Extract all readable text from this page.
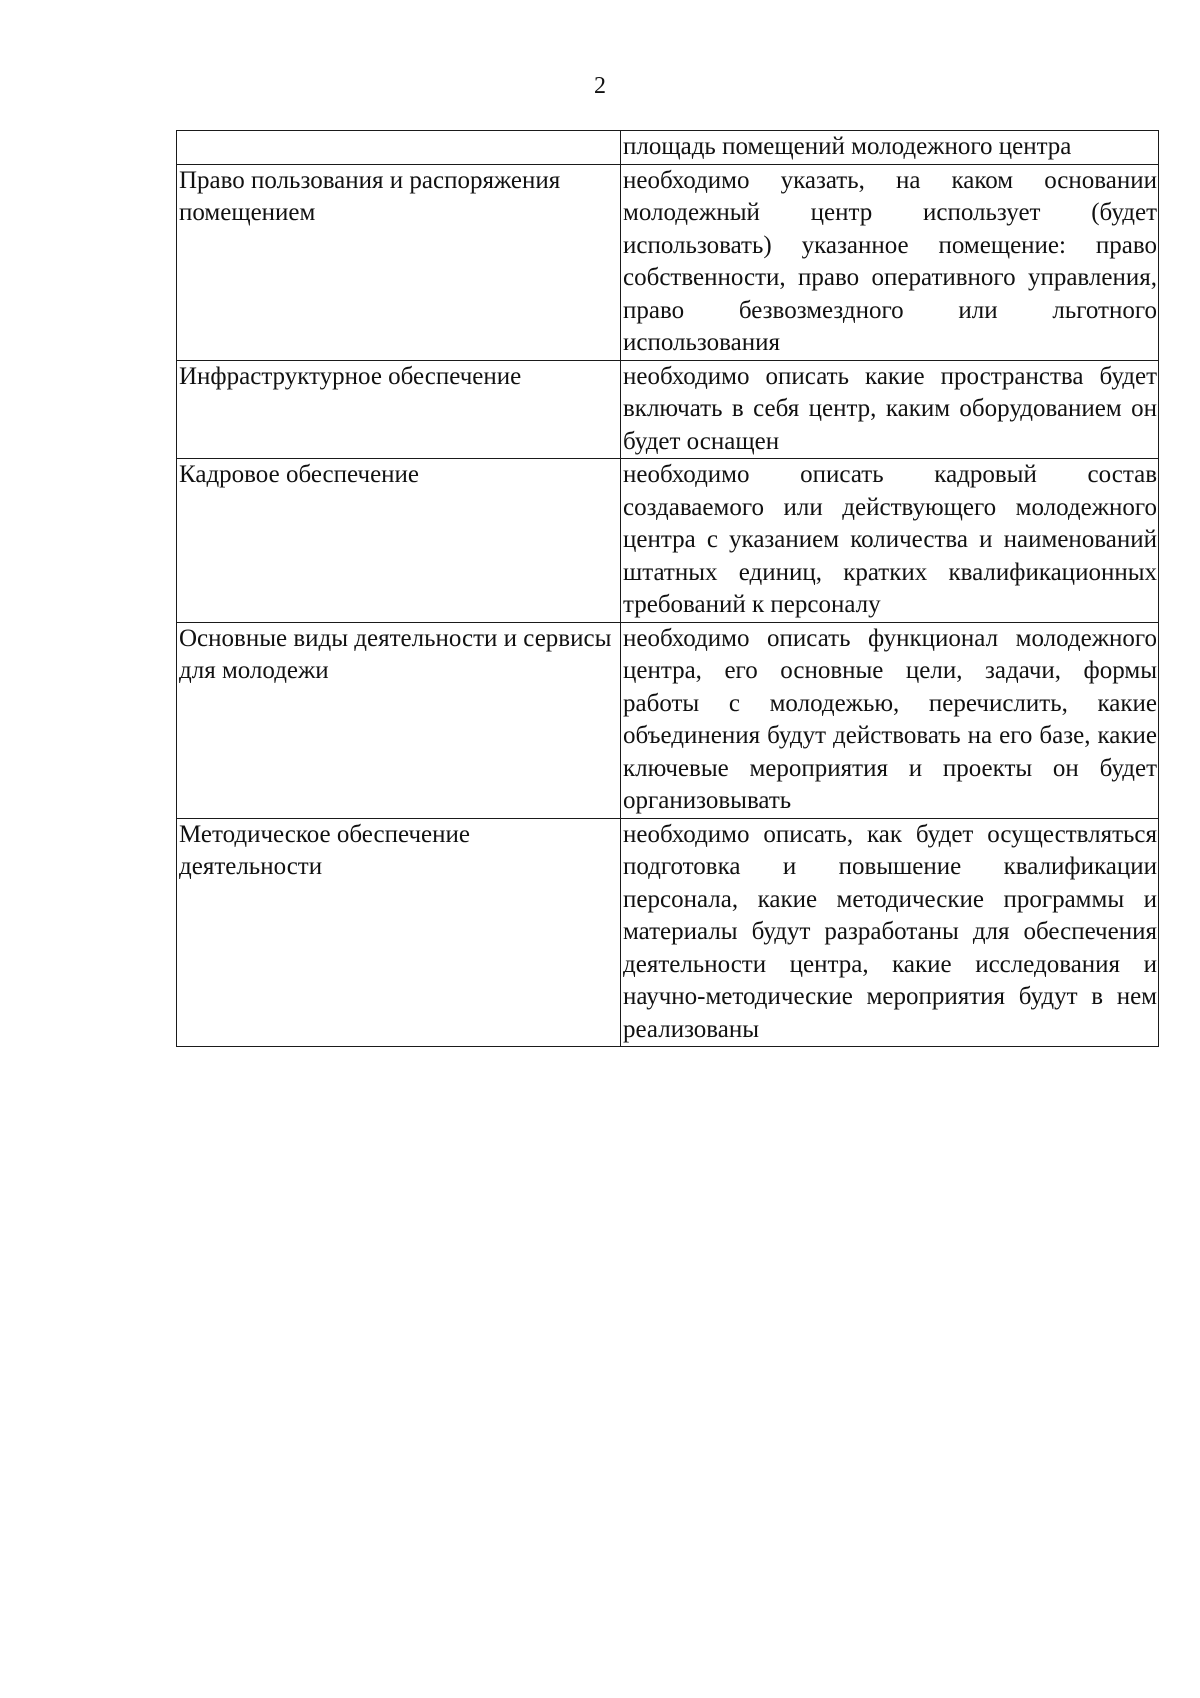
2
	площадь помещений молодежного центра
Право пользования и распоряжения помещением	необходимо указать, на каком основании молодежный центр использует (будет использовать) указанное помещение: право собственности, право оперативного управления, право безвозмездного или льготного использования
Инфраструктурное обеспечение	необходимо описать какие пространства будет включать в себя центр, каким оборудованием он будет оснащен
Кадровое обеспечение	необходимо описать кадровый состав создаваемого или действующего молодежного центра с указанием количества и наименований штатных единиц, кратких квалификационных требований к персоналу
Основные виды деятельности и сервисы для молодежи	необходимо описать функционал молодежного центра, его основные цели, задачи, формы работы с молодежью, перечислить, какие объединения будут действовать на его базе, какие ключевые мероприятия и проекты он будет организовывать
Методическое обеспечение деятельности	необходимо описать, как будет осуществляться подготовка и повышение квалификации персонала, какие методические программы и материалы будут разработаны для обеспечения деятельности центра, какие исследования и научно-методические мероприятия будут в нем реализованы
